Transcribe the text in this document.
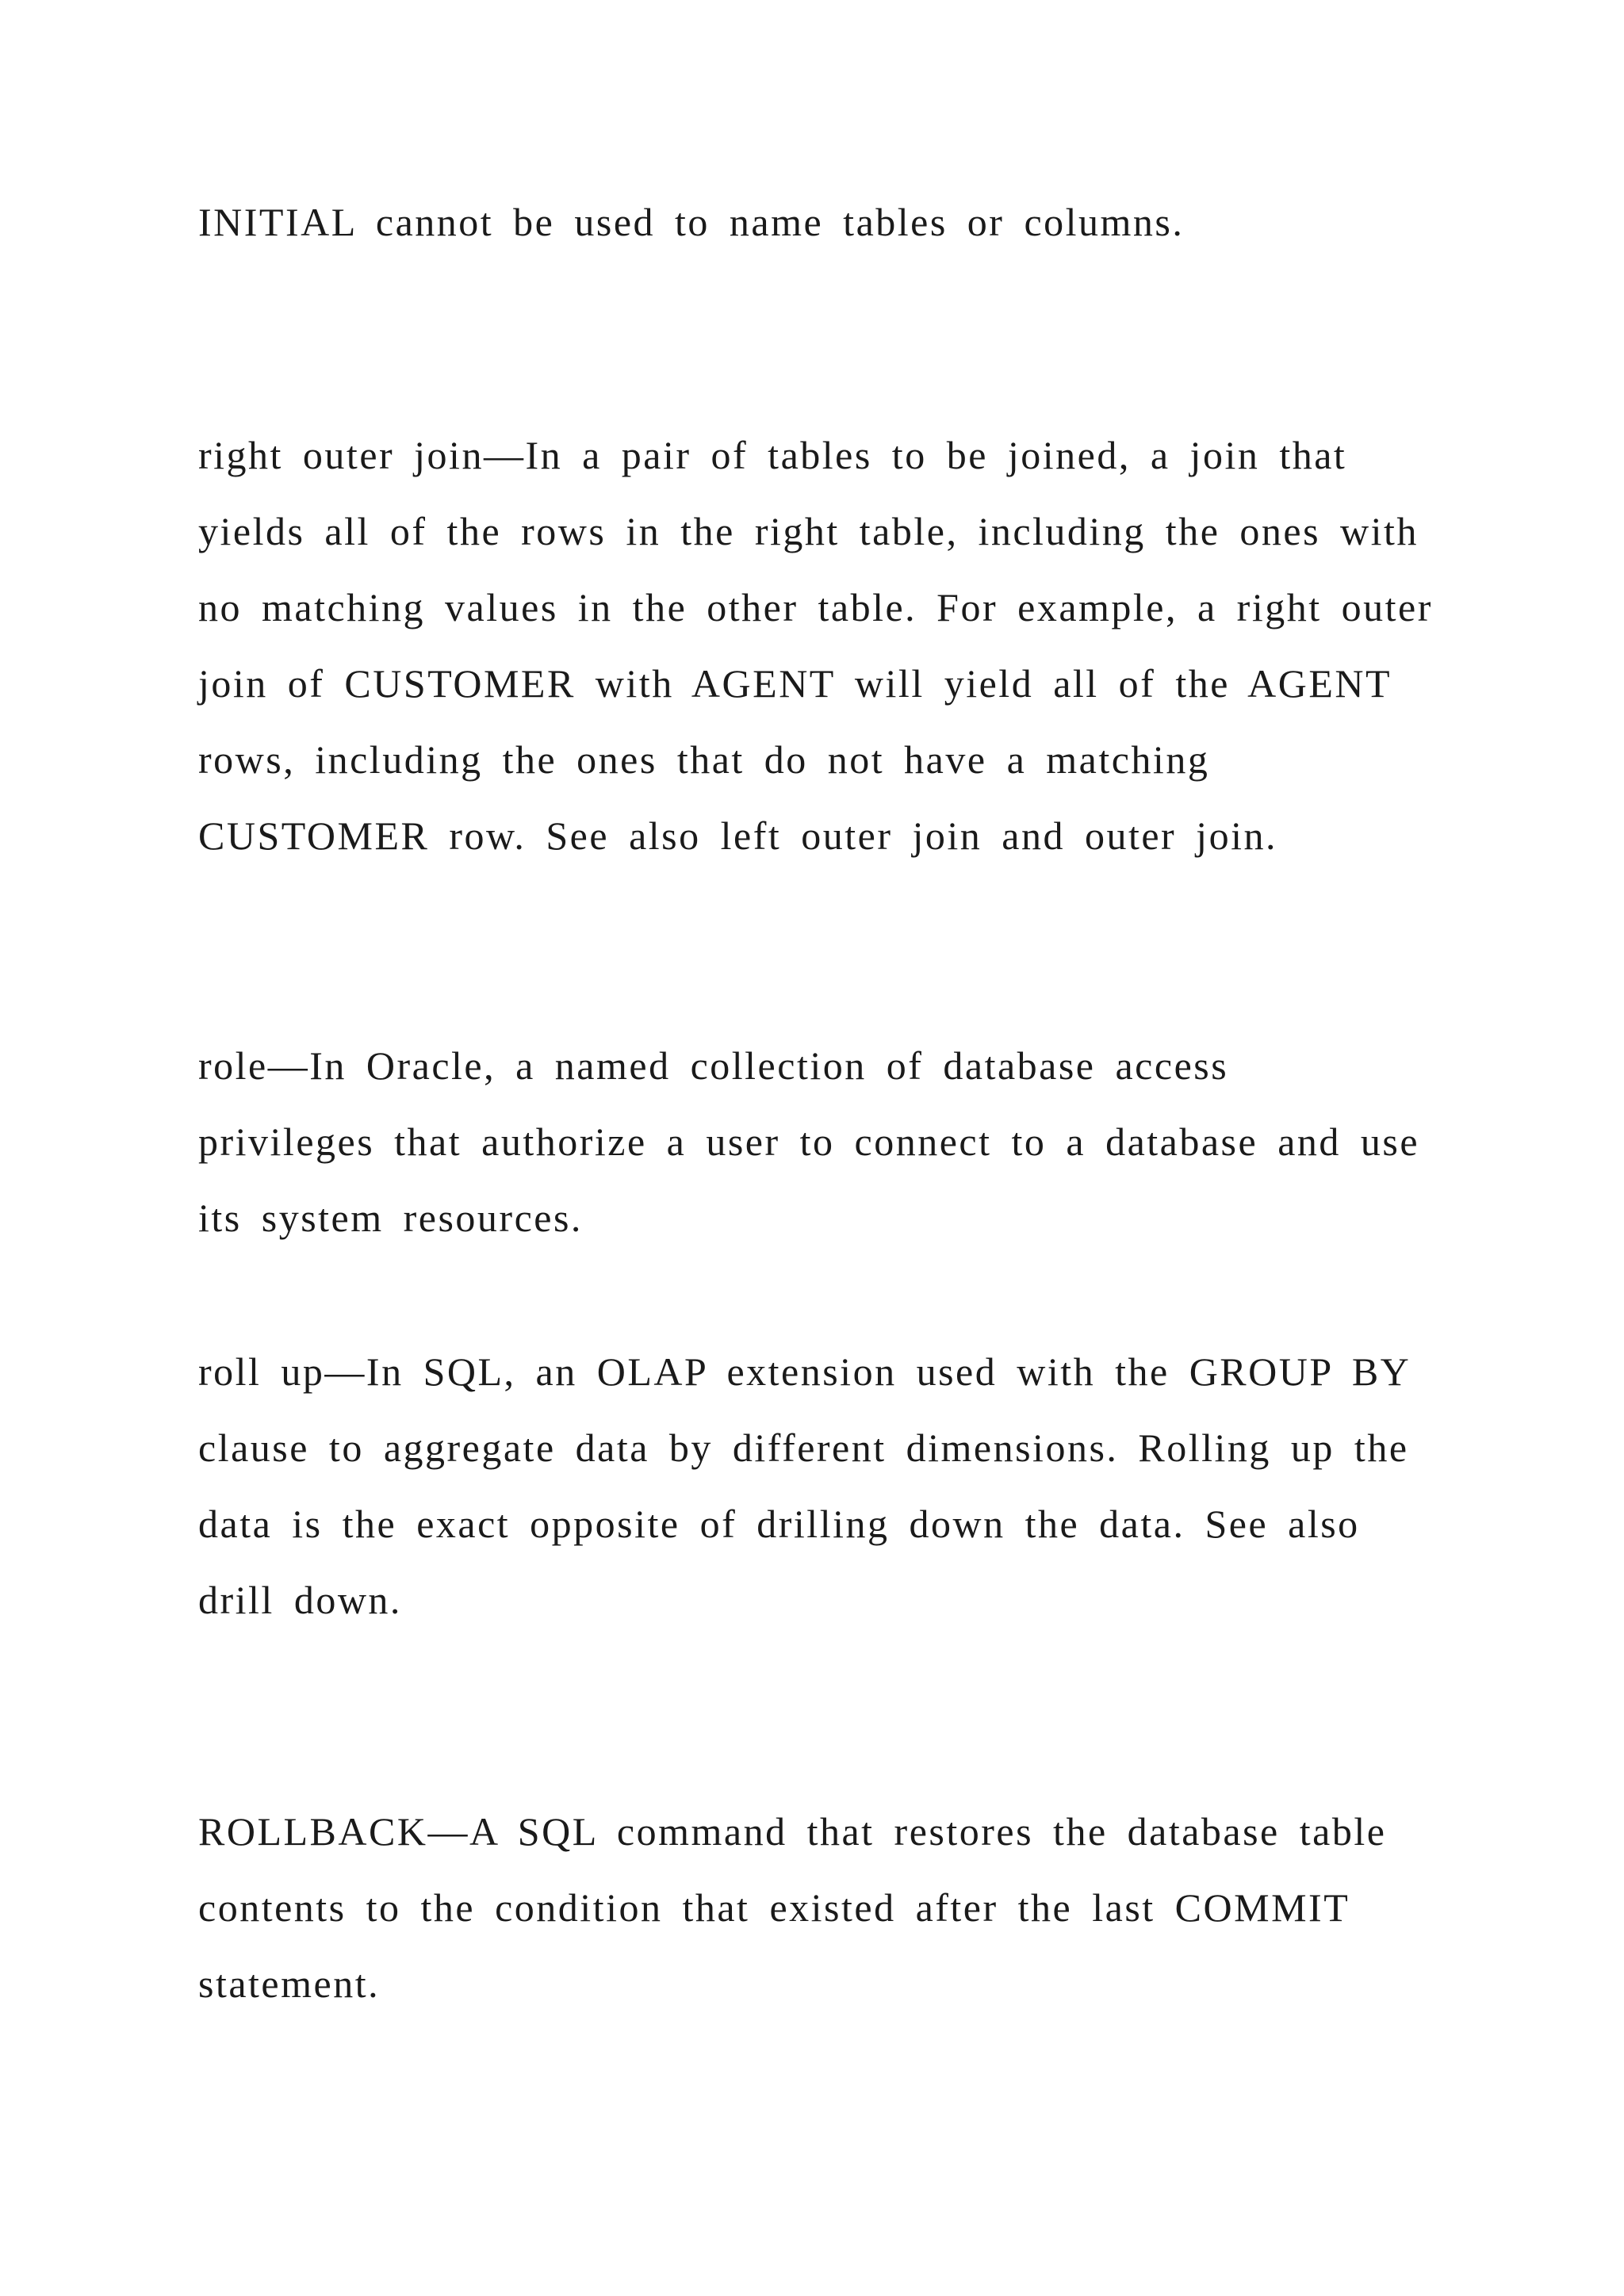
INITIAL cannot be used to name tables or columns.

right outer join—In a pair of tables to be joined, a join that
yields all of the rows in the right table, including the ones with
no matching values in the other table. For example, a right outer
join of CUSTOMER with AGENT will yield all of the AGENT
rows, including the ones that do not have a matching
CUSTOMER row. See also left outer join and outer join.

role—In Oracle, a named collection of database access
privileges that authorize a user to connect to a database and use
its system resources.

roll up—In SQL, an OLAP extension used with the GROUP BY
clause to aggregate data by different dimensions. Rolling up the
data is the exact opposite of drilling down the data. See also
drill down.

ROLLBACK—A SQL command that restores the database table
contents to the condition that existed after the last COMMIT
statement.
